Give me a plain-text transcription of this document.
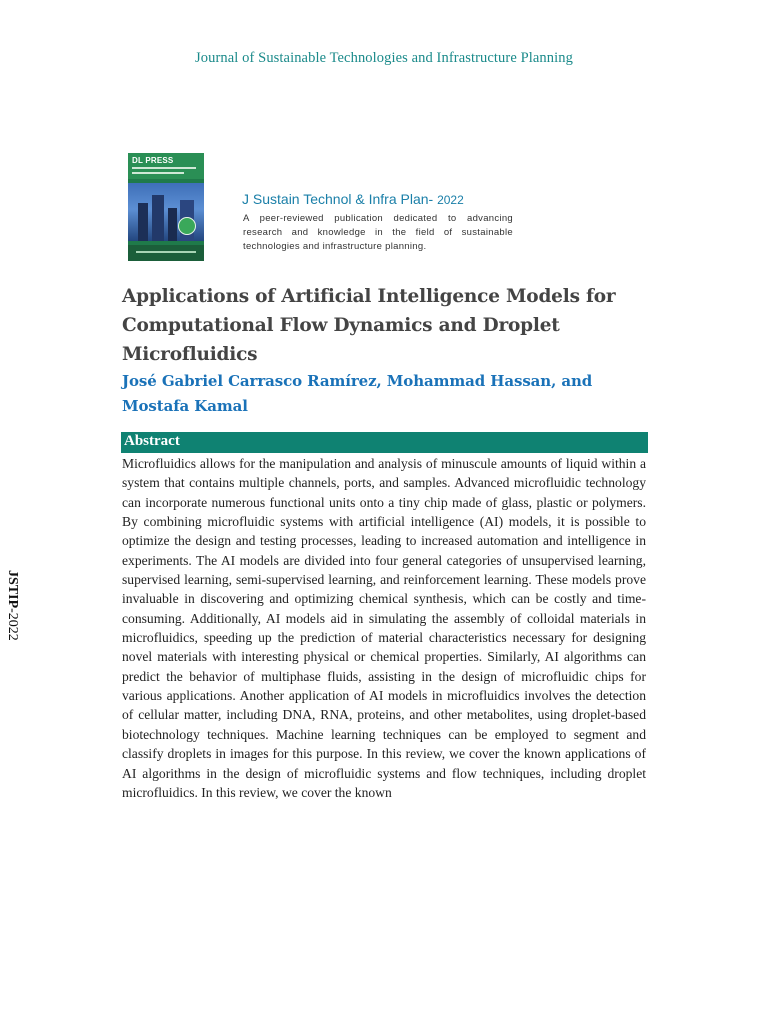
Journal of Sustainable Technologies and Infrastructure Planning
DL PRESS
J Sustain Technol & Infra Plan- 2022
A peer-reviewed publication dedicated to advancing research and knowledge in the field of sustainable technologies and infrastructure planning.
Applications of Artificial Intelligence Models for Computational Flow Dynamics and Droplet Microfluidics
José Gabriel Carrasco Ramírez, Mohammad Hassan, and Mostafa Kamal
Abstract
Microfluidics allows for the manipulation and analysis of minuscule amounts of liquid within a system that contains multiple channels, ports, and samples. Advanced microfluidic technology can incorporate numerous functional units onto a tiny chip made of glass, plastic or polymers. By combining microfluidic systems with artificial intelligence (AI) models, it is possible to optimize the design and testing processes, leading to increased automation and intelligence in experiments. The AI models are divided into four general categories of unsupervised learning, supervised learning, semi-supervised learning, and reinforcement learning. These models prove invaluable in discovering and optimizing chemical synthesis, which can be costly and time-consuming. Additionally, AI models aid in simulating the assembly of colloidal materials in microfluidics, speeding up the prediction of material characteristics necessary for designing novel materials with interesting physical or chemical properties. Similarly, AI algorithms can predict the behavior of multiphase fluids, assisting in the design of microfluidic chips for various applications. Another application of AI models in microfluidics involves the detection of cellular matter, including DNA, RNA, proteins, and other metabolites, using droplet-based biotechnology techniques. Machine learning techniques can be employed to segment and classify droplets in images for this purpose. In this review, we cover the known applications of AI algorithms in the design of microfluidic systems and flow techniques, including droplet microfluidics. In this review, we cover the known
JSTIP-2022
